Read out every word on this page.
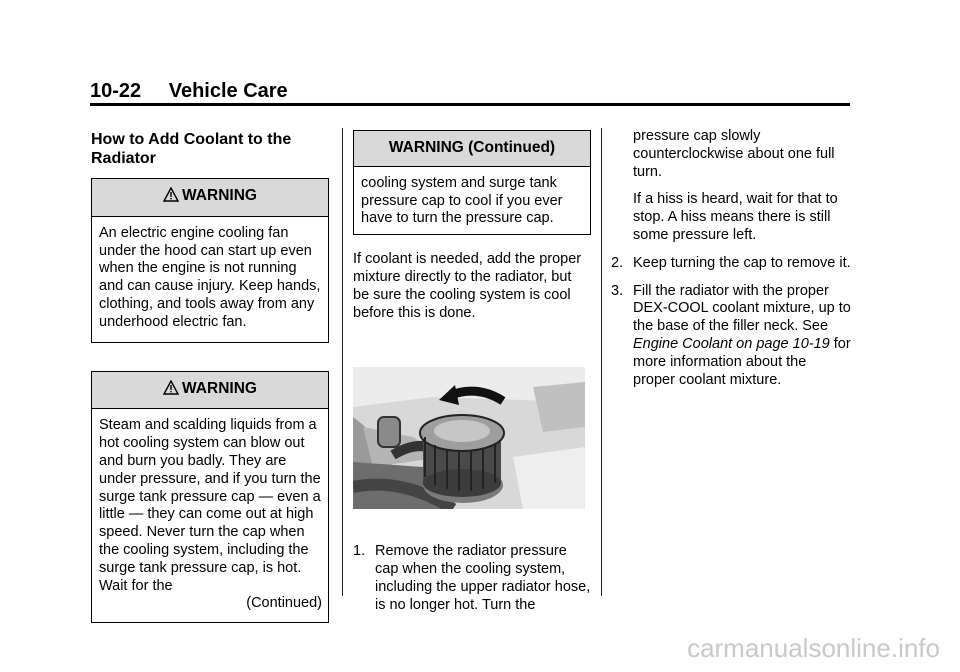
10-22 Vehicle Care
How to Add Coolant to the Radiator
WARNING
An electric engine cooling fan under the hood can start up even when the engine is not running and can cause injury. Keep hands, clothing, and tools away from any underhood electric fan.
WARNING

Steam and scalding liquids from a hot cooling system can blow out and burn you badly. They are under pressure, and if you turn the surge tank pressure cap — even a little — they can come out at high speed. Never turn the cap when the cooling system, including the surge tank pressure cap, is hot. Wait for the

(Continued)

WARNING (Continued)
cooling system and surge tank pressure cap to cool if you ever have to turn the pressure cap.

If coolant is needed, add the proper mixture directly to the radiator, but be sure the cooling system is cool before this is done.

1. Remove the radiator pressure cap when the cooling system, including the upper radiator hose, is no longer hot. Turn the

pressure cap slowly counterclockwise about one full turn.

If a hiss is heard, wait for that to stop. A hiss means there is still some pressure left.

2. Keep turning the cap to remove it.
3. Fill the radiator with the proper DEX-COOL coolant mixture, up to the base of the filler neck. See Engine Coolant on page 10-19 for more information about the proper coolant mixture.
carmanualsonline.info
